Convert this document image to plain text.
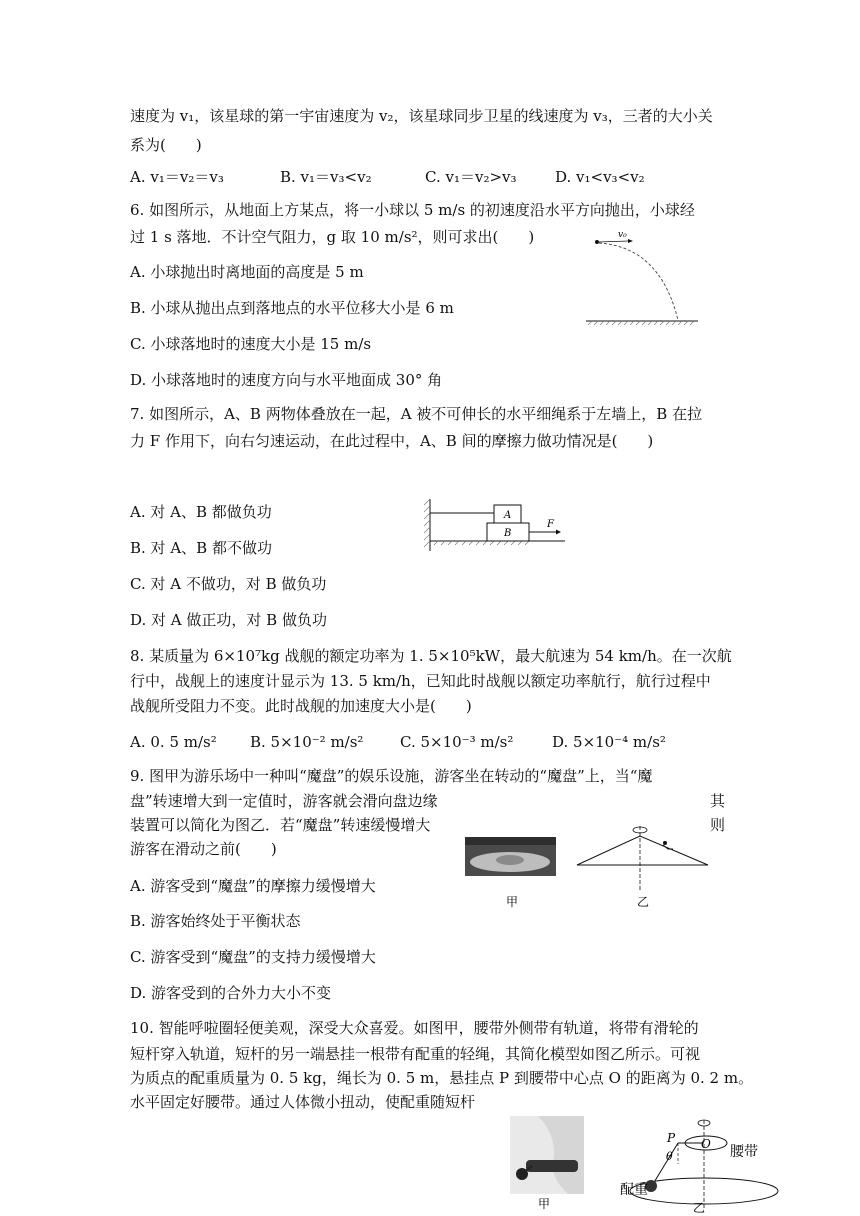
速度为 v₁，该星球的第一宇宙速度为 v₂，该星球同步卫星的线速度为 v₃，三者的大小关
系为(　　)
A. v₁＝v₂＝v₃	B. v₁＝v₃<v₂	C. v₁＝v₂>v₃	D. v₁<v₃<v₂
6. 如图所示，从地面上方某点，将一小球以 5 m/s 的初速度沿水平方向抛出，小球经
过 1 s 落地．不计空气阻力，g 取 10 m/s²，则可求出(　　)
A. 小球抛出时离地面的高度是 5 m
B. 小球从抛出点到落地点的水平位移大小是 6 m
C. 小球落地时的速度大小是 15 m/s
D. 小球落地时的速度方向与水平地面成 30° 角
v₀
7. 如图所示，A、B 两物体叠放在一起，A 被不可伸长的水平细绳系于左墙上，B 在拉
力 F 作用下，向右匀速运动，在此过程中，A、B 间的摩擦力做功情况是(　　)
A. 对 A、B 都做负功
B. 对 A、B 都不做功
C. 对 A 不做功，对 B 做负功
D. 对 A 做正功，对 B 做负功
A
B
F
8. 某质量为 6×10⁷kg 战舰的额定功率为 1. 5×10⁵kW，最大航速为 54 km/h。在一次航
行中，战舰上的速度计显示为 13. 5 km/h，已知此时战舰以额定功率航行，航行过程中
战舰所受阻力不变。此时战舰的加速度大小是(　　)
A. 0. 5 m/s² B. 5×10⁻² m/s² C. 5×10⁻³ m/s²	D. 5×10⁻⁴ m/s²
9. 图甲为游乐场中一种叫“魔盘”的娱乐设施，游客坐在转动的“魔盘”上，当“魔
盘”转速增大到一定值时，游客就会滑向盘边缘	其
装置可以简化为图乙．若“魔盘”转速缓慢增大	则
游客在滑动之前(　　)
A. 游客受到“魔盘”的摩擦力缓慢增大
B. 游客始终处于平衡状态
C. 游客受到“魔盘”的支持力缓慢增大
D. 游客受到的合外力大小不变
甲	乙
10. 智能呼啦圈轻便美观，深受大众喜爱。如图甲，腰带外侧带有轨道，将带有滑轮的
短杆穿入轨道，短杆的另一端悬挂一根带有配重的轻绳，其简化模型如图乙所示。可视
为质点的配重质量为 0. 5 kg，绳长为 0. 5 m，悬挂点 P 到腰带中心点 O 的距离为 0. 2 m。
水平固定好腰带。通过人体微小扭动，使配重随短杆
甲
P O
θ	腰带
配重
乙
